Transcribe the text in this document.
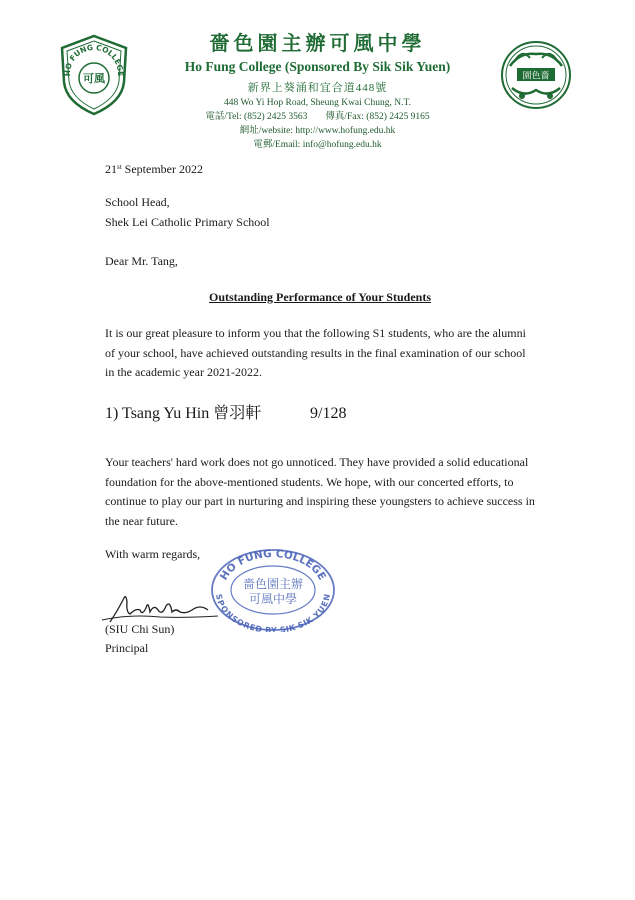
HO FUNG COLLEGE
可風
嗇色園主辦可風中學
Ho Fung College (Sponsored By Sik Sik Yuen)
新界上葵涌和宜合道448號
448 Wo Yi Hop Road, Sheung Kwai Chung, N.T.
電話/Tel: (852) 2425 3563 傳真/Fax: (852) 2425 9165
網址/website: http://www.hofung.edu.hk
電郵/Email: info@hofung.edu.hk
園色嗇
21st September 2022
School Head,
Shek Lei Catholic Primary School
Dear Mr. Tang,
Outstanding Performance of Your Students

It is our great pleasure to inform you that the following S1 students, who are the alumni of your school, have achieved outstanding results in the final examination of our school in the academic year 2021-2022.

1) Tsang Yu Hin 曾羽軒	9/128

Your teachers' hard work does not go unnoticed. They have provided a solid educational foundation for the above-mentioned students. We hope, with our concerted efforts, to continue to play our part in nurturing and inspiring these youngsters to achieve success in the near future.

With warm regards,
HO FUNG COLLEGE
SPONSORED BY SIK SIK YUEN
嗇色園主辦
可風中學
(SIU Chi Sun)
Principal
